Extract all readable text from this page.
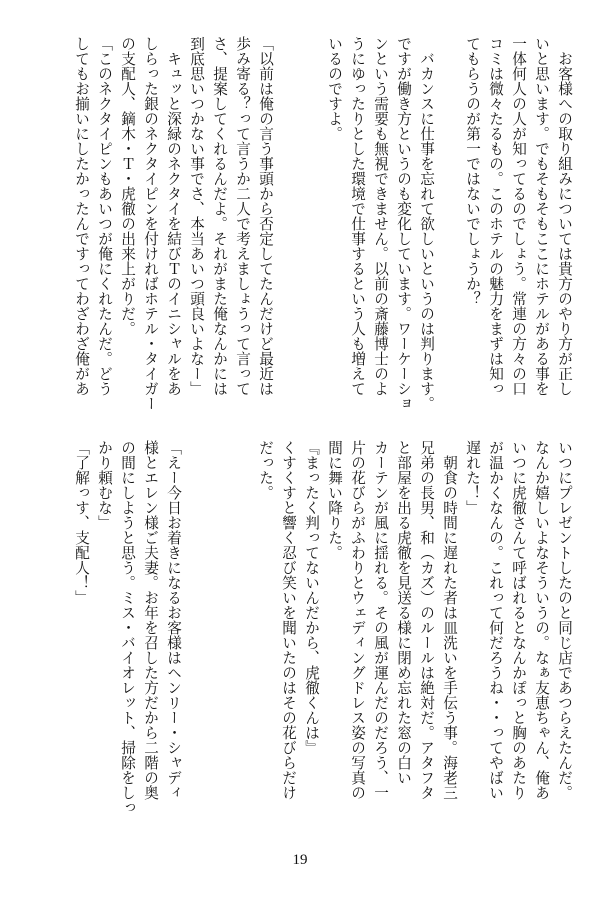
　お客様への取り組みについては貴方のやり方が正し
いと思います。でもそもそもここにホテルがある事を
一体何人の人が知ってるのでしょう。常連の方々の口
コミは微々たるもの。このホテルの魅力をまずは知っ
てもらうのが第一ではないでしょうか？
　バカンスに仕事を忘れて欲しいというのは判ります。
ですが働き方というのも変化しています。ワーケーショ
ンという需要も無視できません。以前の斎藤博士のよ
うにゆったりとした環境で仕事するという人も増えて
いるのですよ。
「以前は俺の言う事頭から否定してたんだけど最近は
歩み寄る？って言うか二人で考えましょうって言って
さ、提案してくれるんだよ。それがまた俺なんかには
到底思いつかない事でさ、本当あいつ頭良いよなー」
　キュッと深緑のネクタイを結びＴのイニシャルをあ
しらった銀のネクタイピンを付ければホテル・タイガー
の支配人、鏑木・Ｔ・虎徹の出来上がりだ。
「このネクタイピンもあいつが俺にくれたんだ。どう
してもお揃いにしたかったんですってわざわざ俺があ
いつにプレゼントしたのと同じ店であつらえたんだ。
なんか嬉しいよなそういうの。なぁ友恵ちゃん、俺あ
いつに虎徹さんて呼ばれるとなんかぽっと胸のあたり
が温かくなんの。これって何だろうね・・ってやばい
遅れた！」
　朝食の時間に遅れた者は皿洗いを手伝う事。海老三
兄弟の長男、和（カズ）のルールは絶対だ。アタフタ
と部屋を出る虎徹を見送る様に閉め忘れた窓の白い
カーテンが風に揺れる。その風が運んだのだろう、一
片の花びらがふわりとウェディングドレス姿の写真の
間に舞い降りた。
『まったく判ってないんだから、虎徹くんは』
くすくすと響く忍び笑いを聞いたのはその花びらだけ
だった。
「えー今日お着きになるお客様はヘンリー・シャディ
様とエレン様ご夫妻。お年を召した方だから二階の奥
の間にしようと思う。ミス・バイオレット、掃除をしっ
かり頼むな」
「了解っす、支配人！」
19
